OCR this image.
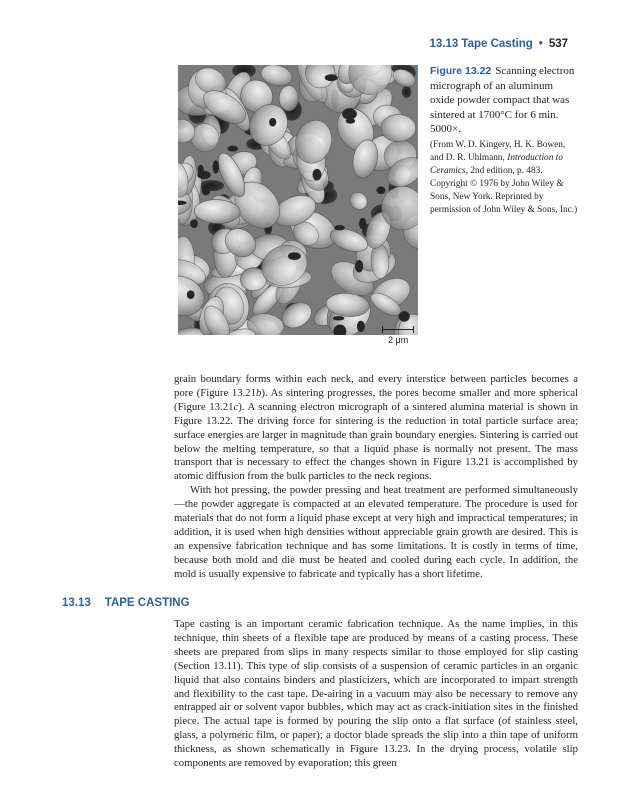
13.13 Tape Casting • 537
2 μm
Figure 13.22 Scanning electron micrograph of an aluminum oxide powder compact that was sintered at 1700°C for 6 min. 5000×.
(From W. D. Kingery, H. K. Bowen, and D. R. Uhlmann, Introduction to Ceramics, 2nd edition, p. 483. Copyright © 1976 by John Wiley & Sons, New York. Reprinted by permission of John Wiley & Sons, Inc.)

grain boundary forms within each neck, and every interstice between particles becomes a pore (Figure 13.21b). As sintering progresses, the pores become smaller and more spherical (Figure 13.21c). A scanning electron micrograph of a sintered alumina material is shown in Figure 13.22. The driving force for sintering is the reduction in total particle surface area; surface energies are larger in magnitude than grain boundary energies. Sintering is carried out below the melting temperature, so that a liquid phase is normally not present. The mass transport that is necessary to effect the changes shown in Figure 13.21 is accomplished by atomic diffusion from the bulk particles to the neck regions.

With hot pressing, the powder pressing and heat treatment are performed simultaneously—the powder aggregate is compacted at an elevated temperature. The procedure is used for materials that do not form a liquid phase except at very high and impractical temperatures; in addition, it is used when high densities without appreciable grain growth are desired. This is an expensive fabrication technique and has some limitations. It is costly in terms of time, because both mold and die must be heated and cooled during each cycle. In addition, the mold is usually expensive to fabricate and typically has a short lifetime.

13.13 TAPE CASTING

Tape casting is an important ceramic fabrication technique. As the name implies, in this technique, thin sheets of a flexible tape are produced by means of a casting process. These sheets are prepared from slips in many respects similar to those employed for slip casting (Section 13.11). This type of slip consists of a suspension of ceramic particles in an organic liquid that also contains binders and plasticizers, which are incorporated to impart strength and flexibility to the cast tape. De-airing in a vacuum may also be necessary to remove any entrapped air or solvent vapor bubbles, which may act as crack-initiation sites in the finished piece. The actual tape is formed by pouring the slip onto a flat surface (of stainless steel, glass, a polymeric film, or paper); a doctor blade spreads the slip into a thin tape of uniform thickness, as shown schematically in Figure 13.23. In the drying process, volatile slip components are removed by evaporation; this green
